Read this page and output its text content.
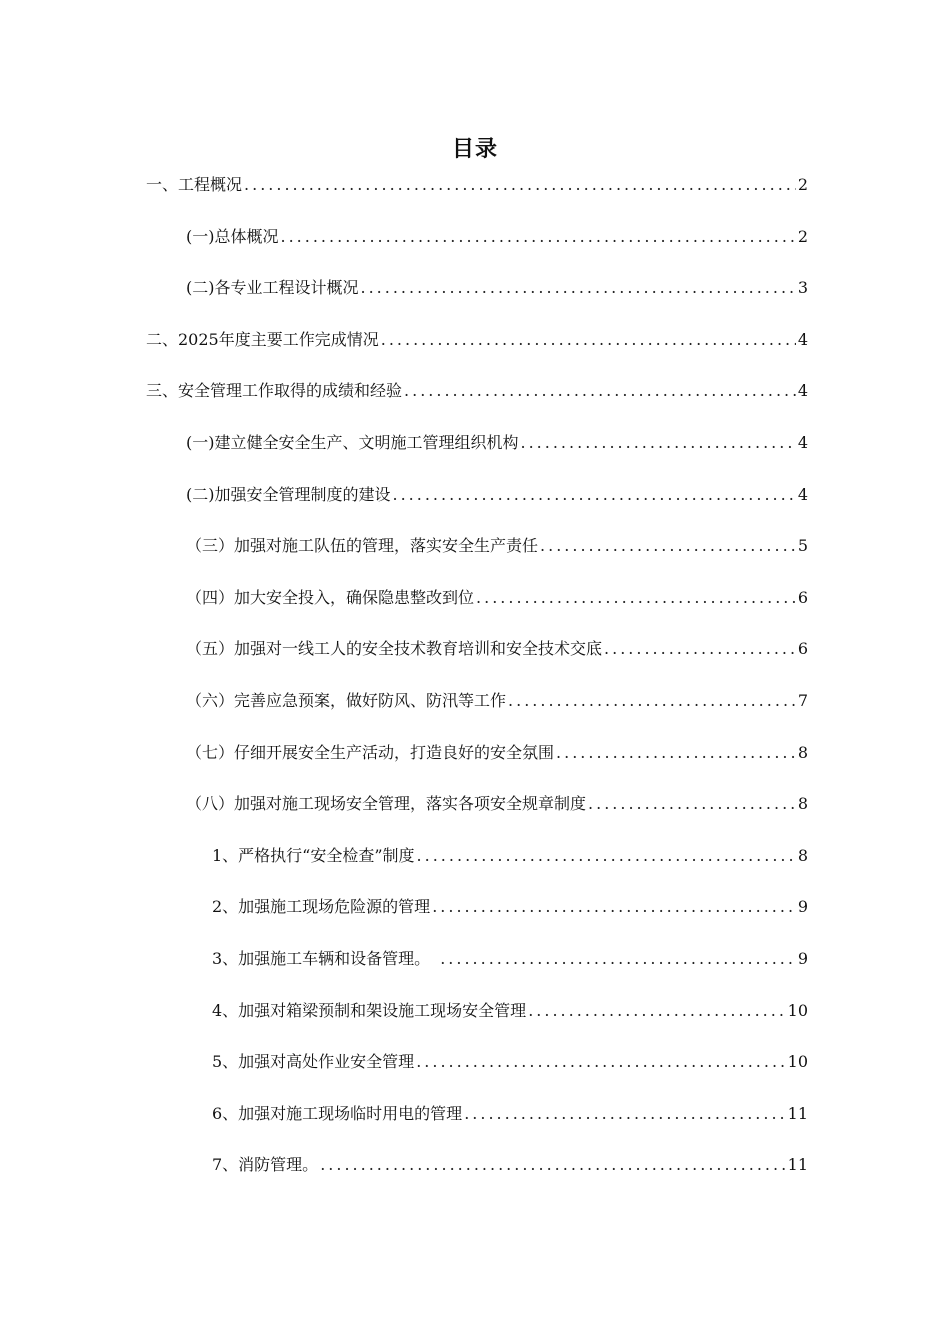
目录
一、工程概况 .....	2
(一)总体概况 .....	2
(二)各专业工程设计概况 .....	3
二、2025年度主要工作完成情况 .....	4
三、安全管理工作取得的成绩和经验 .....	4
(一)建立健全安全生产、文明施工管理组织机构 .....	4
(二)加强安全管理制度的建设 .....	4
（三）加强对施工队伍的管理，落实安全生产责任 .....	5
（四）加大安全投入，确保隐患整改到位 .....	6
（五）加强对一线工人的安全技术教育培训和安全技术交底 .....	6
（六）完善应急预案，做好防风、防汛等工作 .....	7
（七）仔细开展安全生产活动，打造良好的安全氛围 .....	8
（八）加强对施工现场安全管理，落实各项安全规章制度 .....	8
1、严格执行“安全检查”制度 .....	8
2、加强施工现场危险源的管理 .....	9
3、加强施工车辆和设备管理。　 .....	9
4、加强对箱梁预制和架设施工现场安全管理 .....	10
5、加强对高处作业安全管理 .....	10
6、加强对施工现场临时用电的管理 .....	11
7、消防管理。 .....	11
